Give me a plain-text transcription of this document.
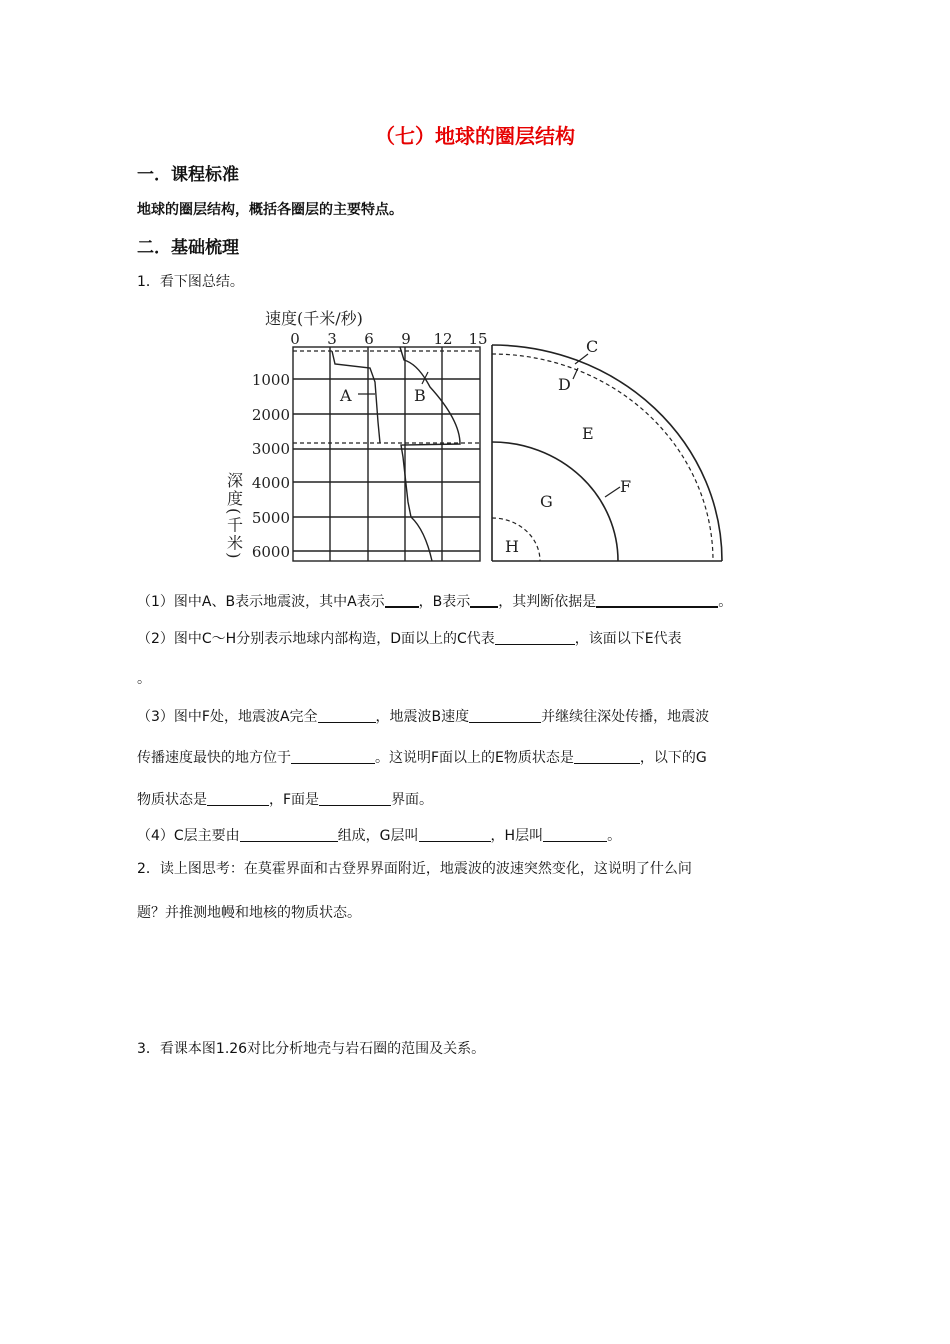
（七）地球的圈层结构
一．课程标准
地球的圈层结构，概括各圈层的主要特点。
二．基础梳理
1．看下图总结。
速度(千米/秒)
0 3 6 9 12 15
1000
2000
3000
4000
5000
6000
深度(千米)
A	B
C
D
E
F
G
H
（1）图中A、B表示地震波，其中A表示 ，B表示 ，其判断依据是	。
（2）图中C～H分别表示地球内部构造，D面以上的C代表	，该面以下E代表
。
（3）图中F处，地震波A完全	，地震波B速度	并继续往深处传播，地震波
传播速度最快的地方位于	。这说明F面以上的E物质状态是	，以下的G
物质状态是	，F面是	界面。
（4）C层主要由	组成，G层叫	，H层叫	。
2．读上图思考：在莫霍界面和古登界界面附近，地震波的波速突然变化，这说明了什么问
题？并推测地幔和地核的物质状态。
3．看课本图1.26对比分析地壳与岩石圈的范围及关系。
